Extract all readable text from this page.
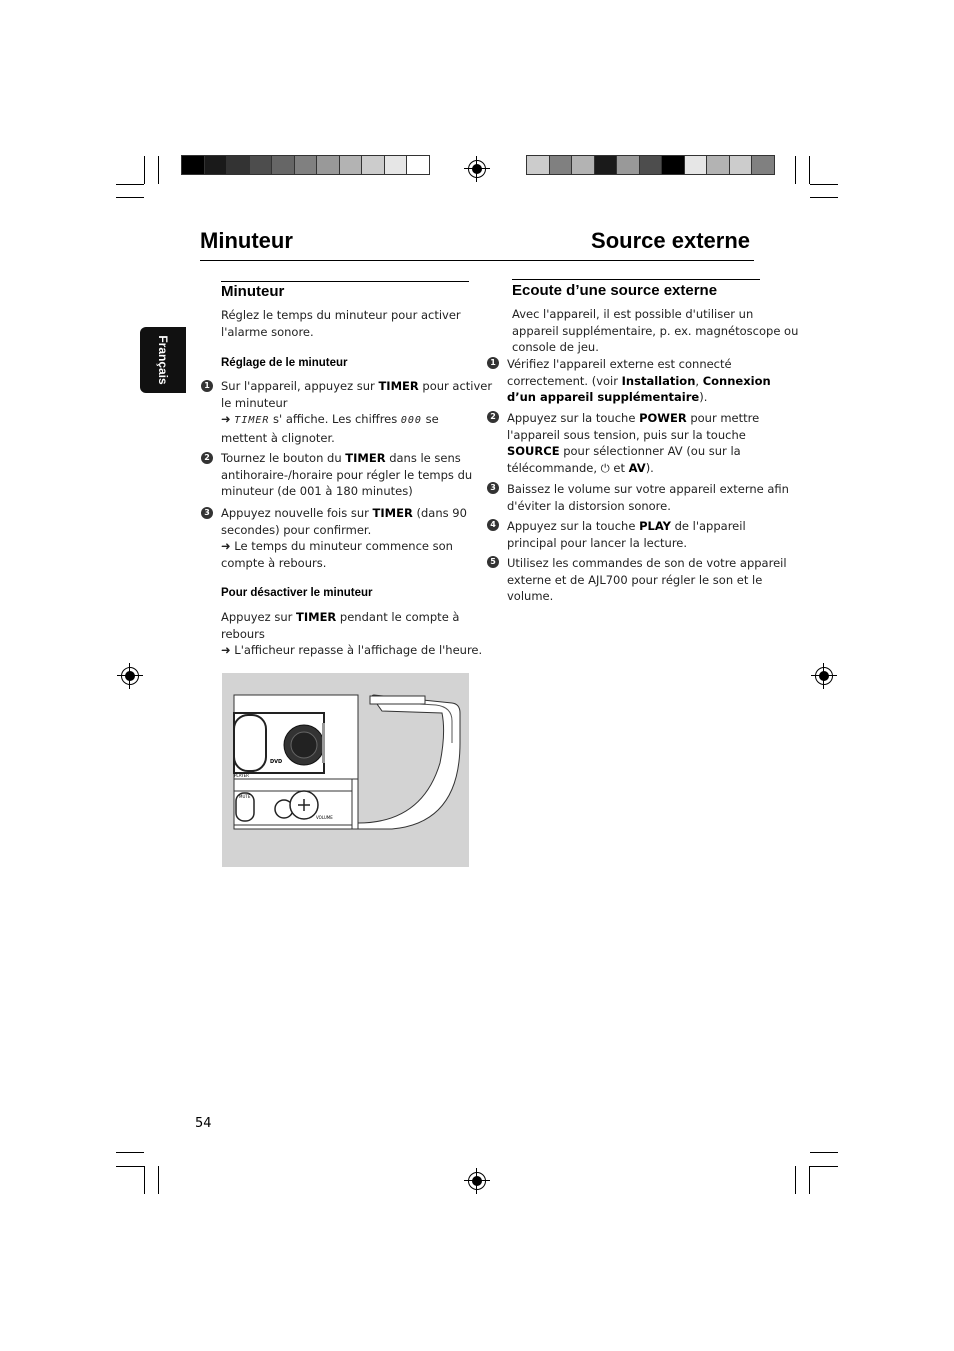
Minuteur	Source externe
Français
Minuteur
Réglez le temps du minuteur pour activer
l'alarme sonore.
Réglage de le minuteur
1 Sur l'appareil, appuyez sur TIMER pour activer
le minuteur
➜ TIMER s' affiche. Les chiffres 000 se
mettent à clignoter.
2 Tournez le bouton du TIMER dans le sens
antihoraire-/horaire pour régler le temps du
minuteur (de 001 à 180 minutes)
3 Appuyez nouvelle fois sur TIMER (dans 90
secondes) pour confirmer.
➜ Le temps du minuteur commence son
compte à rebours.
Pour désactiver le minuteur
Appuyez sur TIMER pendant le compte à
rebours
➜ L'afficheur repasse à l'affichage de l'heure.
DVD
PLAYER
MUTE
VOLUME
Ecoute d’une source externe
Avec l'appareil, il est possible d'utiliser un
appareil supplémentaire, p. ex. magnétoscope ou
console de jeu.
1 Vérifiez l'appareil externe est connecté
correctement. (voir Installation, Connexion
d’un appareil supplémentaire).
2 Appuyez sur la touche POWER pour mettre
l'appareil sous tension, puis sur la touche
SOURCE pour sélectionner AV (ou sur la
télécommande, ⏻ et AV).
3 Baissez le volume sur votre appareil externe afin
d'éviter la distorsion sonore.
4 Appuyez sur la touche PLAY de l'appareil
principal pour lancer la lecture.
5 Utilisez les commandes de son de votre appareil
externe et de AJL700 pour régler le son et le
volume.
54
